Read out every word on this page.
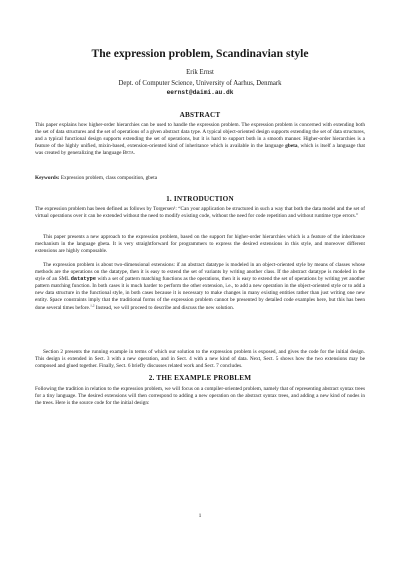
The expression problem, Scandinavian style
Erik Ernst
Dept. of Computer Science, University of Aarhus, Denmark
eernst@daimi.au.dk
ABSTRACT

This paper explains how higher-order hierarchies can be used to handle the expression problem. The expression problem is concerned with extending both the set of data structures and the set of operations of a given abstract data type. A typical object-oriented design supports extending the set of data structures, and a typical functional design supports extending the set of operations, but it is hard to support both in a smooth manner. Higher-order hierarchies is a feature of the highly unified, mixin-based, extension-oriented kind of inheritance which is available in the language gbeta, which is itself a language that was created by generalizing the language Beta.

Keywords: Expression problem, class composition, gbeta

1. INTRODUCTION

The expression problem has been defined as follows by Torgersen¹: “Can your application be structured in such a way that both the data model and the set of virtual operations over it can be extended without the need to modify existing code, without the need for code repetition and without runtime type errors.”

This paper presents a new approach to the expression problem, based on the support for higher-order hierarchies which is a feature of the inheritance mechanism in the language gbeta. It is very straightforward for programmers to express the desired extensions in this style, and moreover different extensions are highly composable.

The expression problem is about two-dimensional extensions: if an abstract datatype is modeled in an object-oriented style by means of classes whose methods are the operations on the datatype, then it is easy to extend the set of variants by writing another class. If the abstract datatype is modeled in the style of an SML datatype with a set of pattern matching functions as the operations, then it is easy to extend the set of operations by writing yet another pattern matching function. In both cases it is much harder to perform the other extension, i.e., to add a new operation in the object-oriented style or to add a new data structure in the functional style, in both cases because it is necessary to make changes in many existing entities rather than just writing one new entity. Space constraints imply that the traditional forms of the expression problem cannot be presented by detailed code examples here, but this has been done several times before.$^{1,2}$ Instead, we will proceed to describe and discuss the new solution.

Section 2 presents the running example in terms of which our solution to the expression problem is exposed, and gives the code for the initial design. This design is extended in Sect. 3 with a new operation, and in Sect. 4 with a new kind of data. Next, Sect. 5 shows how the two extensions may be composed and glued together. Finally, Sect. 6 briefly discusses related work and Sect. 7 concludes.

2. THE EXAMPLE PROBLEM

Following the tradition in relation to the expression problem, we will focus on a compiler-oriented problem, namely that of representing abstract syntax trees for a tiny language. The desired extensions will then correspond to adding a new operation on the abstract syntax trees, and adding a new kind of nodes in the trees. Here is the source code for the initial design:

1
